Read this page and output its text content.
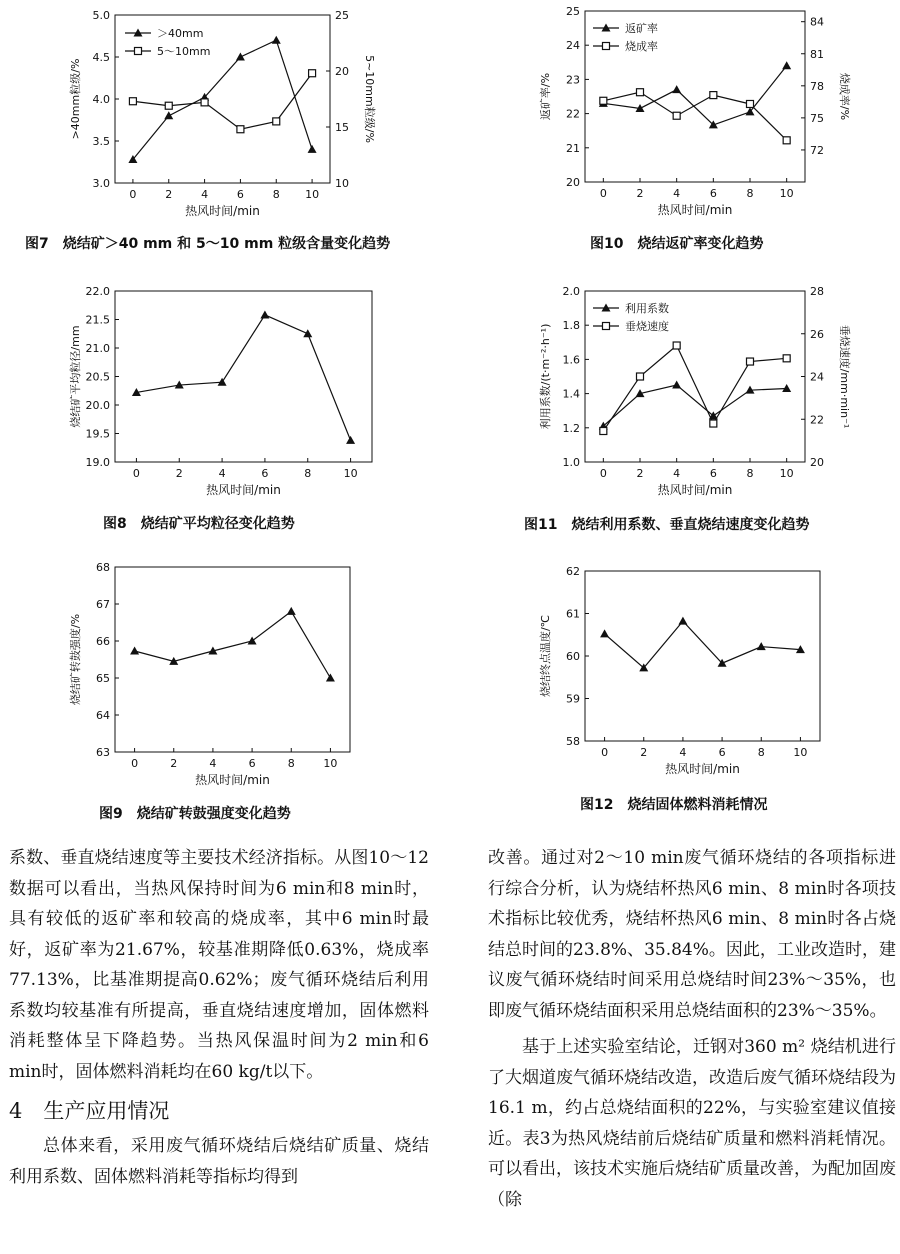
0	2	4	6	8 10
热风时间/min
3.0
3.5
4.0
4.5
5.0
>40mm粒级/%
10
15
20
25
5~10mm粒级/%
＞40mm
5～10mm
图7　烧结矿＞40 mm 和 5～10 mm 粒级含量变化趋势
0	2	4	6	8 10
热风时间/min
20
21
22
23
24
25
返矿率/%
72
75
78
81
84
烧成率/%
返矿率
烧成率
图10　烧结返矿率变化趋势
0	2	4	6	8	10
热风时间/min
19.0
19.5
20.0
20.5
21.0
21.5
22.0
烧结矿平均粒径/mm
图8　烧结矿平均粒径变化趋势
0	2	4	6	8 10
热风时间/min
1.0
1.2
1.4
1.6
1.8
2.0
利用系数/(t·m⁻²·h⁻¹)
20
22
24
26
28
垂烧速度/mm·min⁻¹
利用系数
垂烧速度
图11　烧结利用系数、垂直烧结速度变化趋势
0	2	4	6	8	10
热风时间/min
63
64
65
66
67
68
烧结矿转鼓强度/%
图9　烧结矿转鼓强度变化趋势
0	2	4	6	8	10
热风时间/min
58
59
60
61
62
烧结终点温度/℃
图12　烧结固体燃料消耗情况

系数、垂直烧结速度等主要技术经济指标。从图10～12数据可以看出，当热风保持时间为6 min和8 min时，具有较低的返矿率和较高的烧成率，其中6 min时最好，返矿率为21.67%，较基准期降低0.63%，烧成率77.13%，比基准期提高0.62%；废气循环烧结后利用系数均较基准有所提高，垂直烧结速度增加，固体燃料消耗整体呈下降趋势。当热风保温时间为2 min和6 min时，固体燃料消耗均在60 kg/t以下。

4　生产应用情况

总体来看，采用废气循环烧结后烧结矿质量、烧结利用系数、固体燃料消耗等指标均得到

改善。通过对2～10 min废气循环烧结的各项指标进行综合分析，认为烧结杯热风6 min、8 min时各项技术指标比较优秀，烧结杯热风6 min、8 min时各占烧结总时间的23.8%、35.84%。因此，工业改造时，建议废气循环烧结时间采用总烧结时间23%～35%，也即废气循环烧结面积采用总烧结面积的23%～35%。

基于上述实验室结论，迁钢对360 m² 烧结机进行了大烟道废气循环烧结改造，改造后废气循环烧结段为16.1 m，约占总烧结面积的22%，与实验室建议值接近。表3为热风烧结前后烧结矿质量和燃料消耗情况。可以看出，该技术实施后烧结矿质量改善，为配加固废（除
